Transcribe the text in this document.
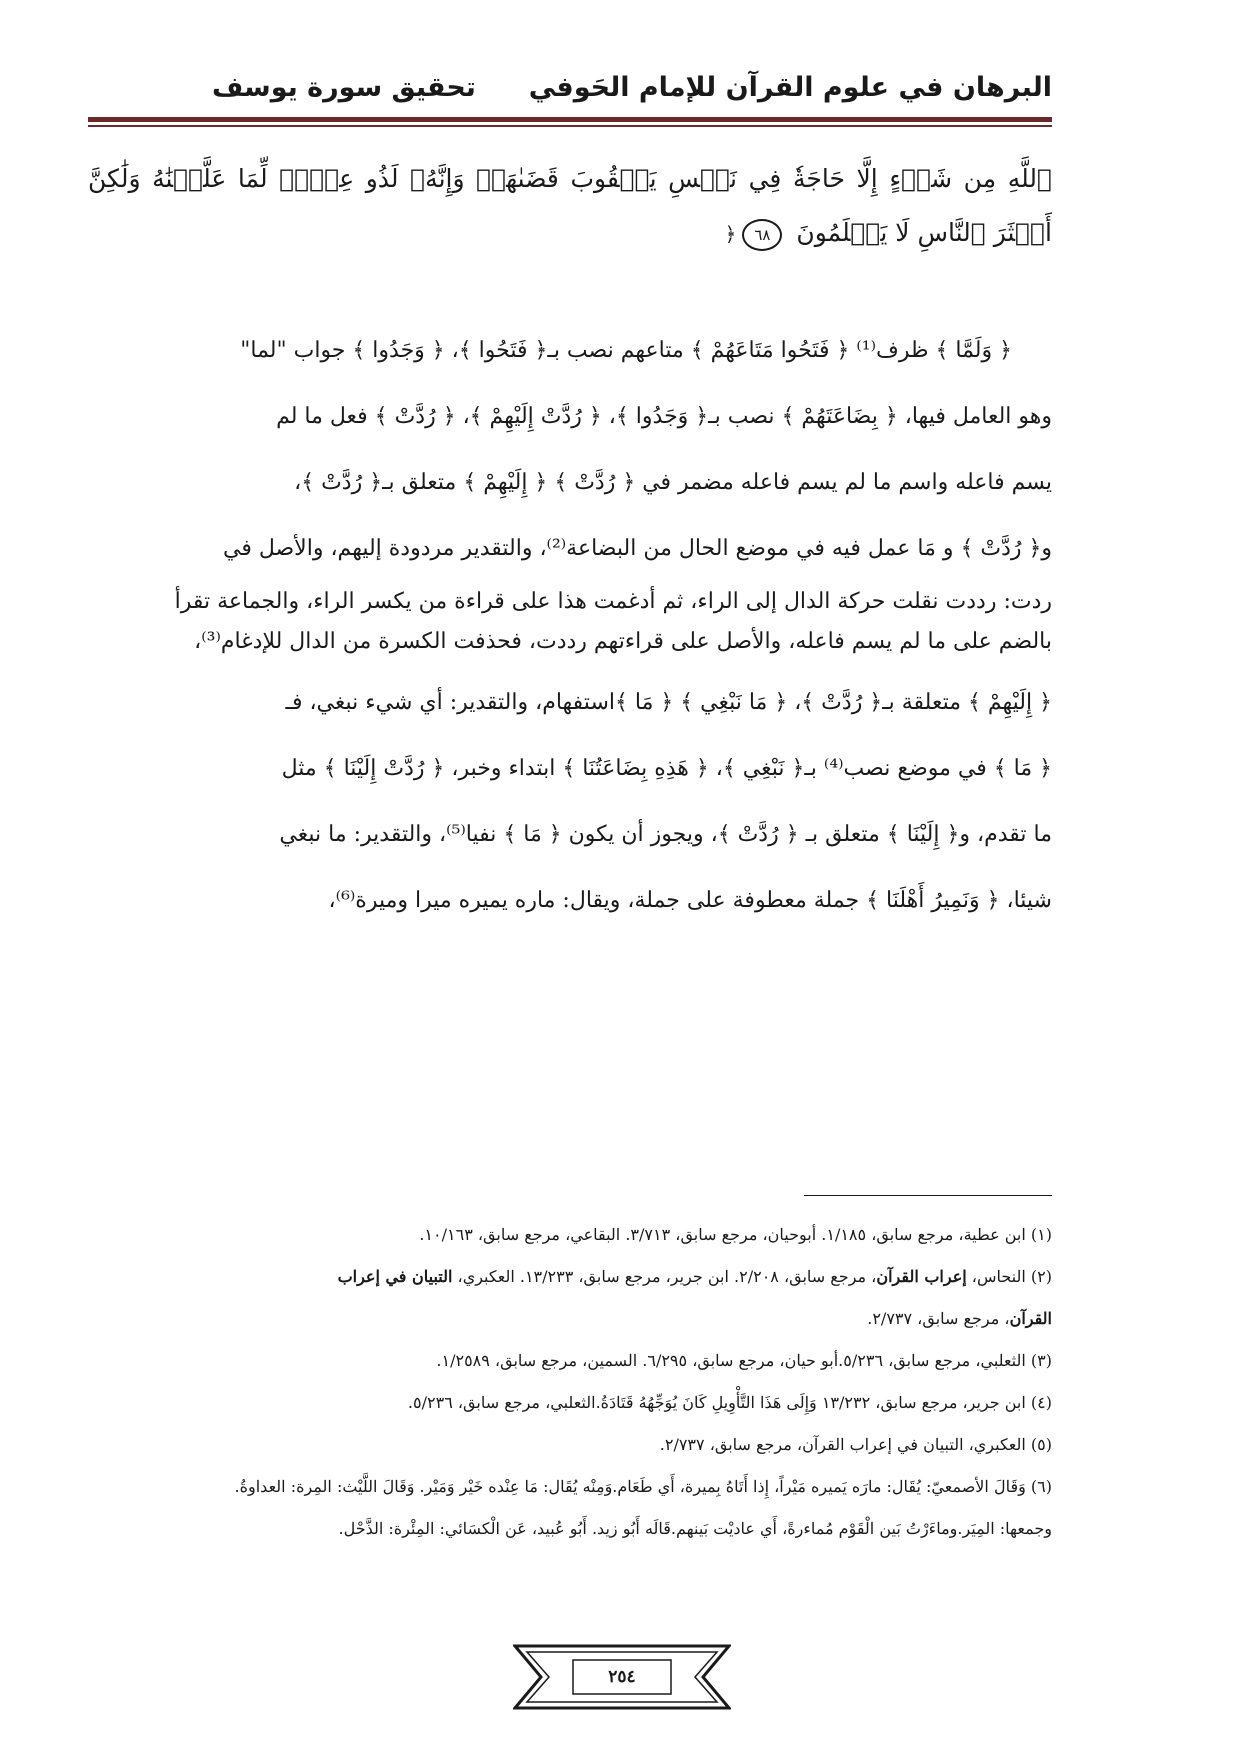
البرهان في علوم القرآن للإمام الحَوفي
تحقيق سورة يوسف
ٱللَّهِ مِن شَيۡءٍ إِلَّا حَاجَةٗ فِي نَفۡسِ يَعۡقُوبَ قَضَىٰهَاۚ وَإِنَّهُۥ لَذُو عِلۡمٖ لِّمَا عَلَّمۡنَٰهُ وَلَٰكِنَّ أَكۡثَرَ ٱلنَّاسِ لَا يَعۡلَمُونَ ٦٨﴿
﴿ وَلَمَّا ﴾ ظرف⁽¹⁾ ﴿ فَتَحُوا مَتَاعَهُمْ ﴾ متاعهم نصب بـ﴿ فَتَحُوا ﴾، ﴿ وَجَدُوا ﴾ جواب "لما"
وهو العامل فيها، ﴿ بِضَاعَتَهُمْ ﴾ نصب بـ﴿ وَجَدُوا ﴾، ﴿ رُدَّتْ إِلَيْهِمْ ﴾، ﴿ رُدَّتْ ﴾ فعل ما لم
يسم فاعله واسم ما لم يسم فاعله مضمر في ﴿ رُدَّتْ ﴾ ﴿ إِلَيْهِمْ ﴾ متعلق بـ﴿ رُدَّتْ ﴾،
و﴿ رُدَّتْ ﴾ و مَا عمل فيه في موضع الحال من البضاعة⁽²⁾، والتقدير مردودة إليهم، والأصل في
ردت: رددت نقلت حركة الدال إلى الراء، ثم أدغمت هذا على قراءة من يكسر الراء، والجماعة تقرأ
بالضم على ما لم يسم فاعله، والأصل على قراءتهم رددت، فحذفت الكسرة من الدال للإدغام⁽³⁾،
﴿ إِلَيْهِمْ ﴾ متعلقة بـ﴿ رُدَّتْ ﴾، ﴿ مَا نَبْغِي ﴾ ﴿ مَا ﴾استفهام، والتقدير: أي شيء نبغي، فـ
﴿ مَا ﴾ في موضع نصب⁽⁴⁾ بـ﴿ نَبْغِي ﴾، ﴿ هَذِهِ بِضَاعَتُنَا ﴾ ابتداء وخبر، ﴿ رُدَّتْ إِلَيْنَا ﴾ مثل
ما تقدم، و﴿ إِلَيْنَا ﴾ متعلق بـ ﴿ رُدَّتْ ﴾، ويجوز أن يكون ﴿ مَا ﴾ نفيا⁽⁵⁾، والتقدير: ما نبغي
شيئا، ﴿ وَنَمِيرُ أَهْلَنَا ﴾ جملة معطوفة على جملة، ويقال: ماره يميره ميرا وميرة⁽⁶⁾،
(١) ابن عطية، مرجع سابق، ١/١٨٥. أبوحيان، مرجع سابق، ٣/٧١٣. البقاعي، مرجع سابق، ١٠/١٦٣.
(٢) النحاس، إعراب القرآن، مرجع سابق، ٢/٢٠٨. ابن جرير، مرجع سابق، ١٣/٢٣٣. العكبري، التبيان في إعراب
القرآن، مرجع سابق، ٢/٧٣٧.
(٣) الثعلبي، مرجع سابق، ٥/٢٣٦.أبو حيان، مرجع سابق، ٦/٢٩٥. السمين، مرجع سابق، ١/٢٥٨٩.
(٤) ابن جرير، مرجع سابق، ١٣/٢٣٢ وَإِلَى هَذَا التَّأْوِيلِ كَانَ يُوَجِّهُهُ قَتَادَةُ.الثعلبي، مرجع سابق، ٥/٢٣٦.
(٥) العكبري، التبيان في إعراب القرآن، مرجع سابق، ٢/٧٣٧.
(٦) وَقَالَ الأصمعيّ: يُقَال: مارَه يَميره مَيْراً، إِذا أَتَاهُ بِميرة، أَي طَعَام.وَمِنْه يُقَال: مَا عِنْده خَيْر وَمَيْر. وَقَالَ اللَّيْث: المِرة: العداوةُ.
وجمعها: المِيَر.وماءَرْتُ بَين الْقَوْم مُماءرةً، أَي عاديْت بَينهم.قَالَه أَبُو زيد. أَبُو عُبيد، عَن الْكسَائي: المِئْرة: الذَّحْل.
٢٥٤
